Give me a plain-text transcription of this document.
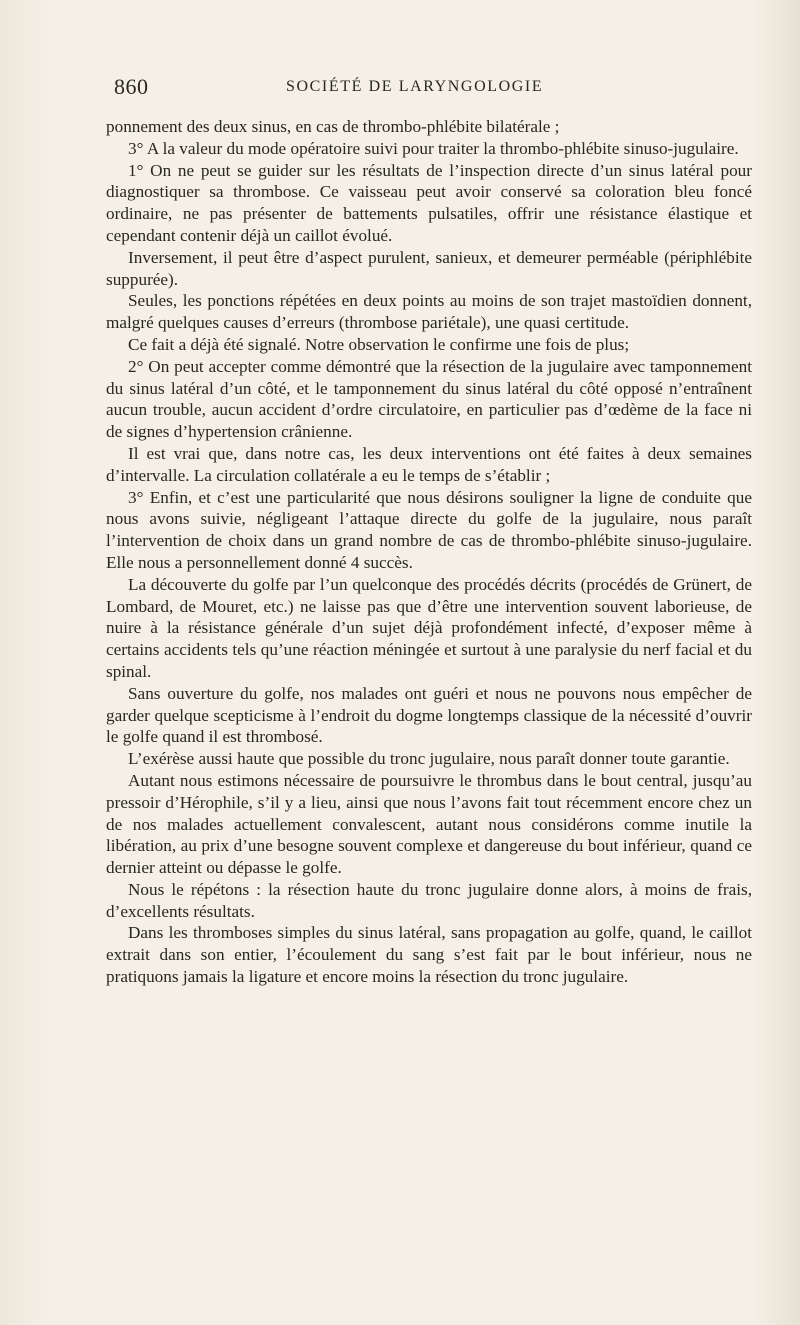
860	SOCIÉTÉ DE LARYNGOLOGIE

ponnement des deux sinus, en cas de thrombo-phlébite bilatérale ;

3° A la valeur du mode opératoire suivi pour traiter la thrombo-phlébite sinuso-jugulaire.

1° On ne peut se guider sur les résultats de l’inspection directe d’un sinus latéral pour diagnostiquer sa thrombose. Ce vaisseau peut avoir conservé sa coloration bleu foncé ordinaire, ne pas présenter de battements pulsatiles, offrir une résistance élastique et cependant contenir déjà un caillot évolué.

Inversement, il peut être d’aspect purulent, sanieux, et demeurer perméable (périphlébite suppurée).

Seules, les ponctions répétées en deux points au moins de son trajet mastoïdien donnent, malgré quelques causes d’erreurs (thrombose pariétale), une quasi certitude.

Ce fait a déjà été signalé. Notre observation le confirme une fois de plus;

2° On peut accepter comme démontré que la résection de la jugulaire avec tamponnement du sinus latéral d’un côté, et le tamponnement du sinus latéral du côté opposé n’entraînent aucun trouble, aucun accident d’ordre circulatoire, en particulier pas d’œdème de la face ni de signes d’hypertension crânienne.

Il est vrai que, dans notre cas, les deux interventions ont été faites à deux semaines d’intervalle. La circulation collatérale a eu le temps de s’établir ;

3° Enfin, et c’est une particularité que nous désirons souligner la ligne de conduite que nous avons suivie, négligeant l’attaque directe du golfe de la jugulaire, nous paraît l’intervention de choix dans un grand nombre de cas de thrombo-phlébite sinuso-jugulaire. Elle nous a personnellement donné 4 succès.

La découverte du golfe par l’un quelconque des procédés décrits (procédés de Grünert, de Lombard, de Mouret, etc.) ne laisse pas que d’être une intervention souvent laborieuse, de nuire à la résistance générale d’un sujet déjà profondément infecté, d’exposer même à certains accidents tels qu’une réaction méningée et surtout à une paralysie du nerf facial et du spinal.

Sans ouverture du golfe, nos malades ont guéri et nous ne pouvons nous empêcher de garder quelque scepticisme à l’endroit du dogme longtemps classique de la nécessité d’ouvrir le golfe quand il est thrombosé.

L’exérèse aussi haute que possible du tronc jugulaire, nous paraît donner toute garantie.

Autant nous estimons nécessaire de poursuivre le thrombus dans le bout central, jusqu’au pressoir d’Hérophile, s’il y a lieu, ainsi que nous l’avons fait tout récemment encore chez un de nos malades actuellement convalescent, autant nous considérons comme inutile la libération, au prix d’une besogne souvent complexe et dangereuse du bout inférieur, quand ce dernier atteint ou dépasse le golfe.

Nous le répétons : la résection haute du tronc jugulaire donne alors, à moins de frais, d’excellents résultats.

Dans les thromboses simples du sinus latéral, sans propagation au golfe, quand, le caillot extrait dans son entier, l’écoulement du sang s’est fait par le bout inférieur, nous ne pratiquons jamais la ligature et encore moins la résection du tronc jugulaire.
